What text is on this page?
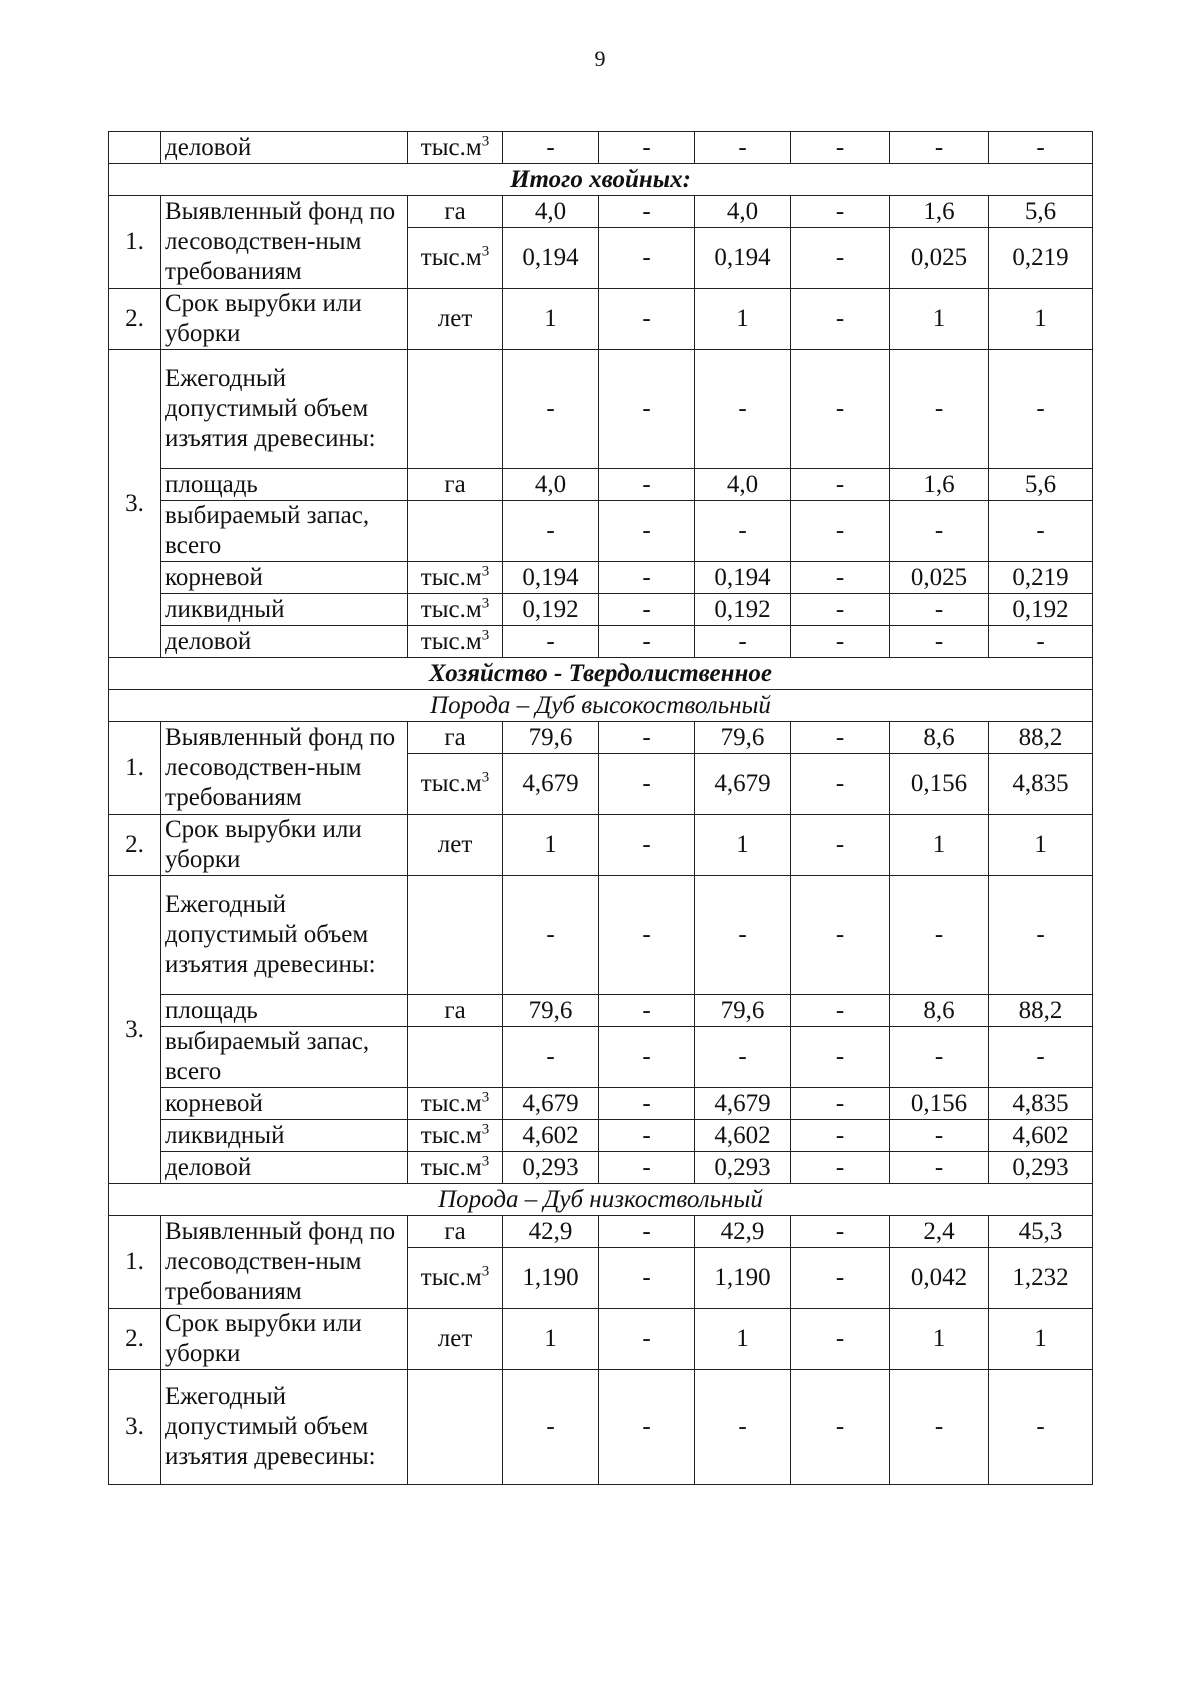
9
	деловой	$тыс.м^3$	-	-	-	-	-	-
Итого хвойных:								
1.	Выявленный фонд по лесоводствен-ным требованиям	га	4,0	-	4,0	-	1,6	5,6
		$тыс.м^3$	0,194	-	0,194	-	0,025	0,219
2.	Срок вырубки или уборки	лет	1	-	1	-	1	1
3.	Ежегодный допустимый объем изъятия древесины:		-	-	-	-	-	-
	площадь	га	4,0	-	4,0	-	1,6	5,6
	выбираемый запас, всего		-	-	-	-	-	-
	корневой	$тыс.м^3$	0,194	-	0,194	-	0,025	0,219
	ликвидный	$тыс.м^3$	0,192	-	0,192	-	-	0,192
	деловой	$тыс.м^3$	-	-	-	-	-	-
Хозяйство - Твердолиственное								
Порода – Дуб высокоствольный								
1.	Выявленный фонд по лесоводствен-ным требованиям	га	79,6	-	79,6	-	8,6	88,2
		$тыс.м^3$	4,679	-	4,679	-	0,156	4,835
2.	Срок вырубки или уборки	лет	1	-	1	-	1	1
3.	Ежегодный допустимый объем изъятия древесины:		-	-	-	-	-	-
	площадь	га	79,6	-	79,6	-	8,6	88,2
	выбираемый запас, всего		-	-	-	-	-	-
	корневой	$тыс.м^3$	4,679	-	4,679	-	0,156	4,835
	ликвидный	$тыс.м^3$	4,602	-	4,602	-	-	4,602
	деловой	$тыс.м^3$	0,293	-	0,293	-	-	0,293
Порода – Дуб низкоствольный								
1.	Выявленный фонд по лесоводствен-ным требованиям	га	42,9	-	42,9	-	2,4	45,3
		$тыс.м^3$	1,190	-	1,190	-	0,042	1,232
2.	Срок вырубки или уборки	лет	1	-	1	-	1	1
3.	Ежегодный допустимый объем изъятия древесины:		-	-	-	-	-	-
